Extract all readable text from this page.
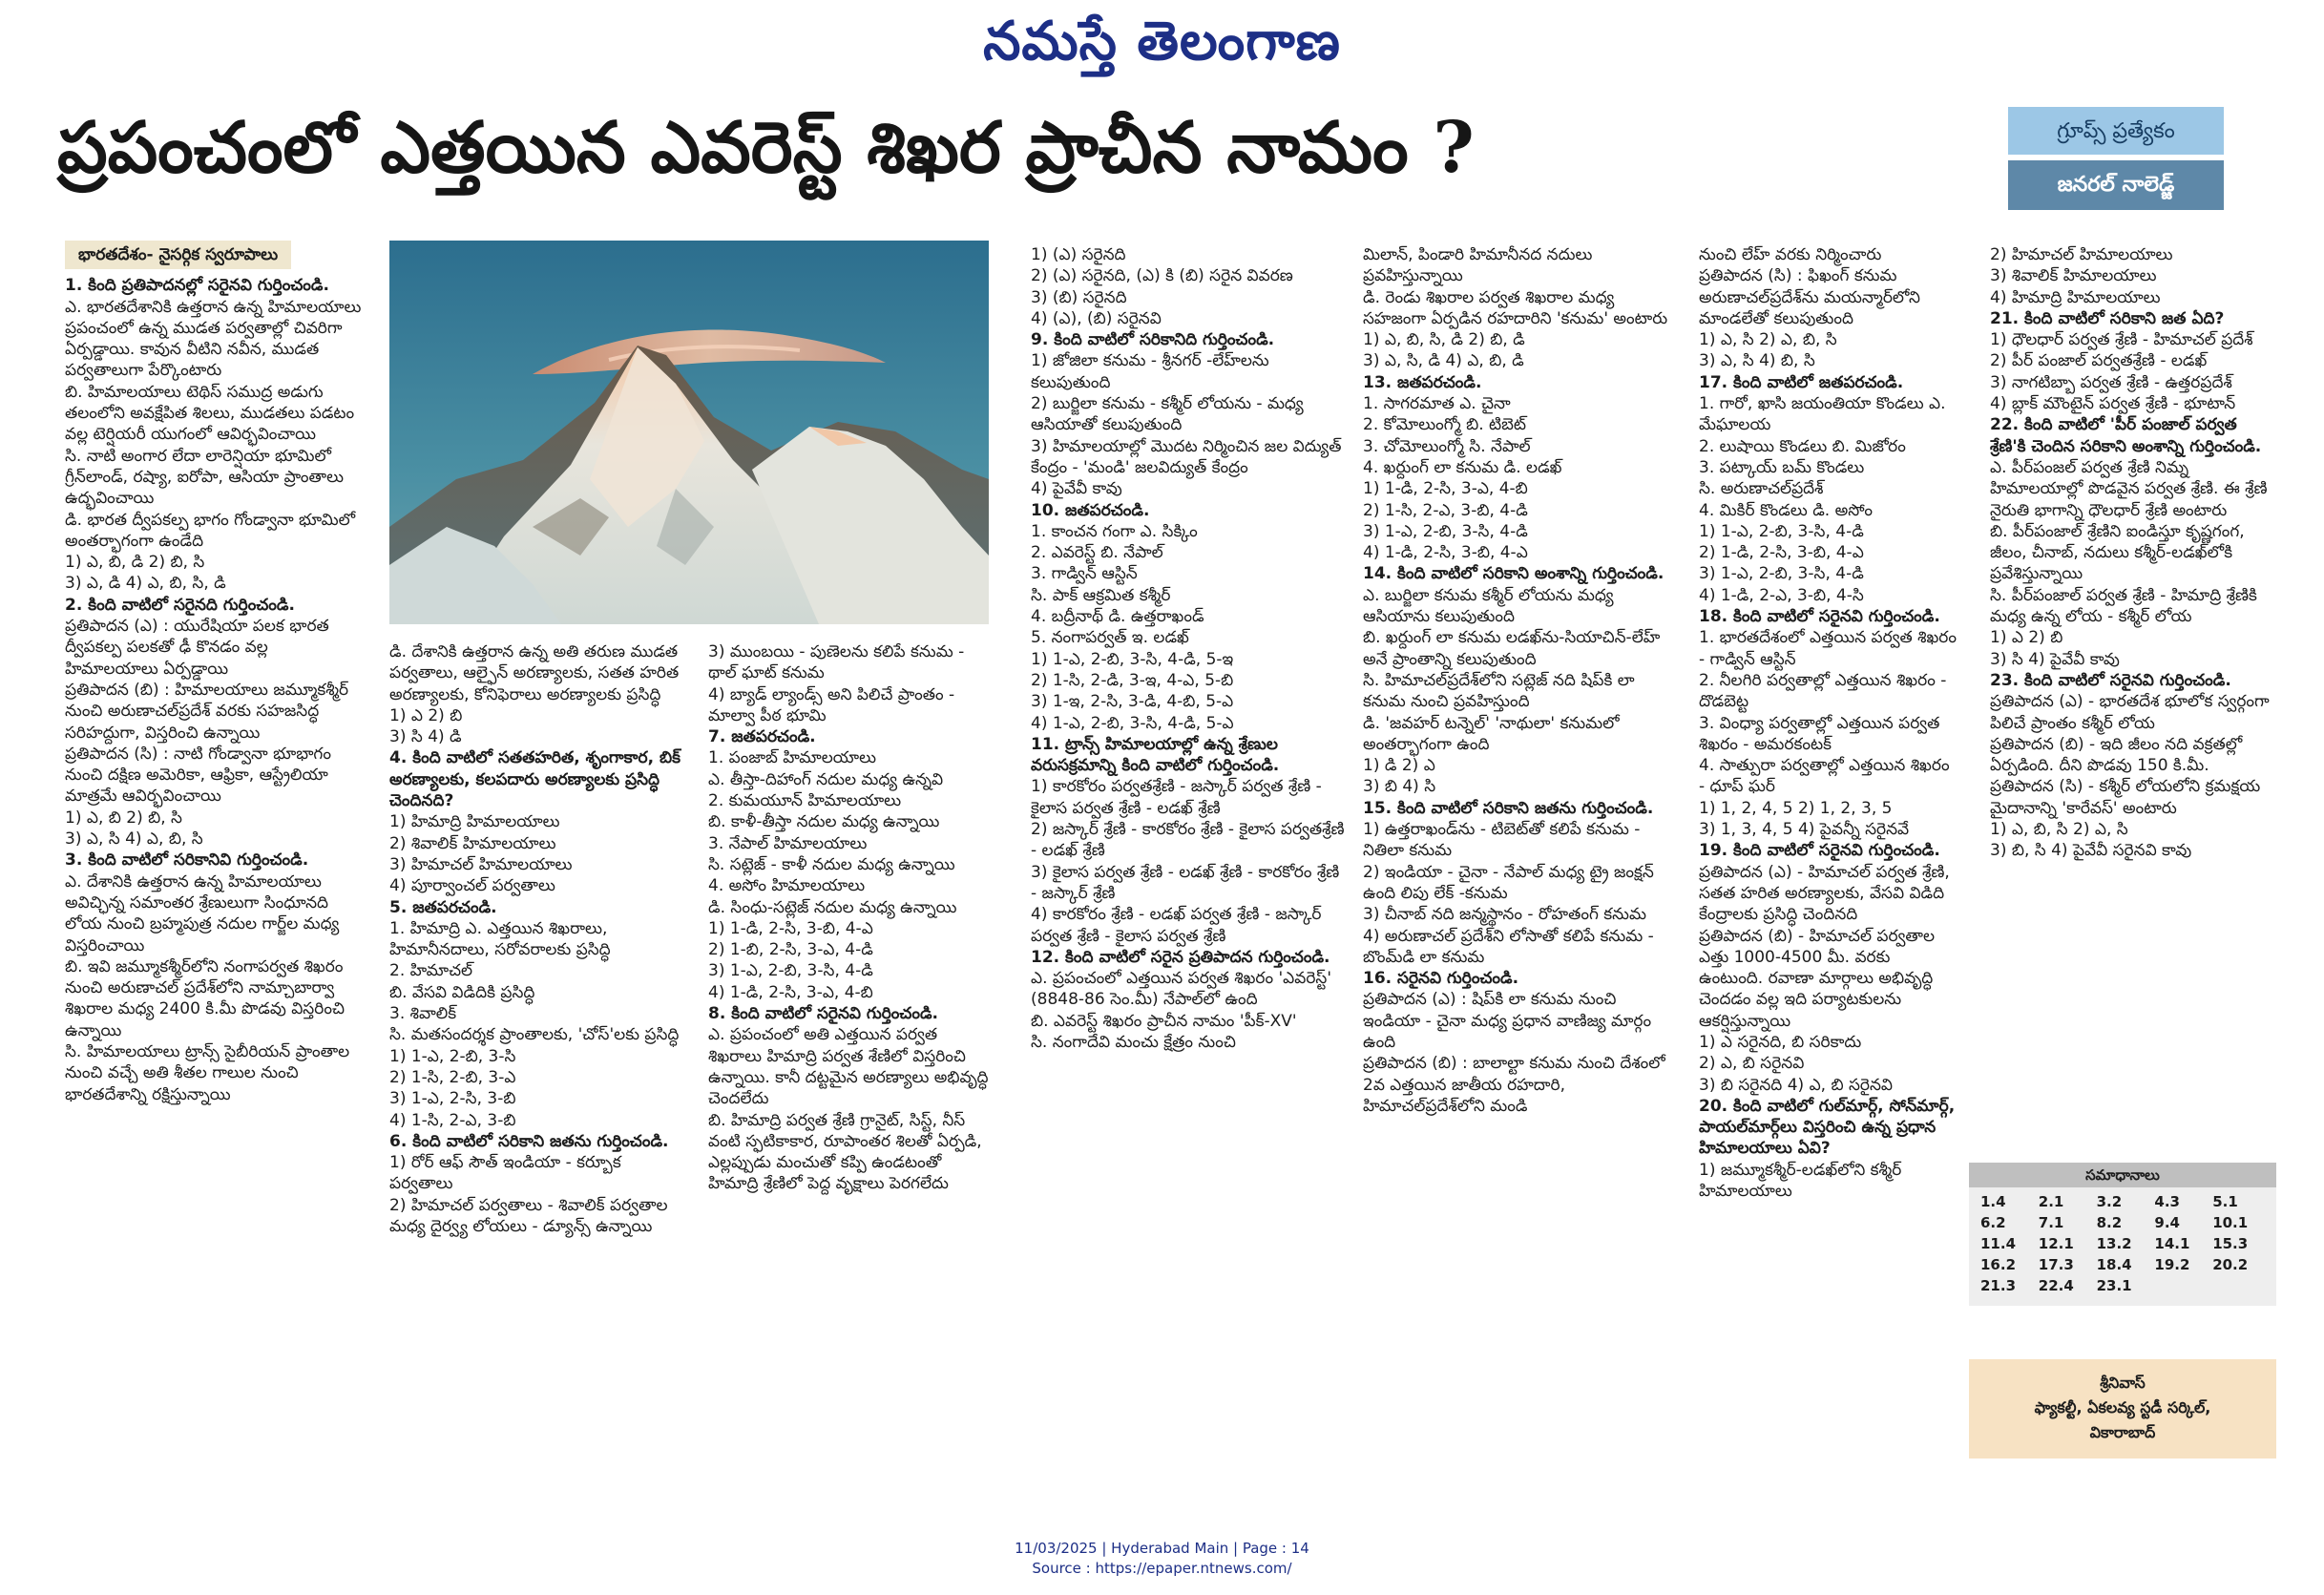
నమస్తే తెలంగాణ
ప్రపంచంలో ఎత్తయిన ఎవరెస్ట్ శిఖర ప్రాచీన నామం ?	గ్రూప్స్ ప్రత్యేకం
జనరల్ నాలెడ్జ్
భారతదేశం- నైసర్గిక స్వరూపాలు

1. కింది ప్రతిపాదనల్లో సరైనవి గుర్తించండి.

ఎ. భారతదేశానికి ఉత్తరాన ఉన్న హిమాలయాలు ప్రపంచంలో ఉన్న ముడత పర్వతాల్లో చివరిగా ఏర్పడ్డాయి. కావున వీటిని నవీన, ముడత పర్వతాలుగా పేర్కొంటారు

బి. హిమాలయాలు టెథిస్ సముద్ర అడుగు తలంలోని అవక్షేపిత శిలలు, ముడతలు పడటం వల్ల టెర్షియరీ యుగంలో ఆవిర్భవించాయి

సి. నాటి అంగార లేదా లారెన్షియా భూమిలో గ్రీన్‌లాండ్, రష్యా, ఐరోపా, ఆసియా ప్రాంతాలు ఉద్భవించాయి

డి. భారత ద్వీపకల్ప భాగం గోండ్వానా భూమిలో అంతర్భాగంగా ఉండేది

1) ఎ, బి, డి 2) బి, సి

3) ఎ, డి 4) ఎ, బి, సి, డి

2. కింది వాటిలో సరైనది గుర్తించండి.

ప్రతిపాదన (ఎ) : యురేషియా పలక భారత ద్వీపకల్ప పలకతో ఢీ కొనడం వల్ల హిమాలయాలు ఏర్పడ్డాయి

ప్రతిపాదన (బి) : హిమాలయాలు జమ్మూకశ్మీర్ నుంచి అరుణాచల్‌ప్రదేశ్ వరకు సహజసిద్ధ సరిహద్దుగా, విస్తరించి ఉన్నాయి

ప్రతిపాదన (సి) : నాటి గోండ్వానా భూభాగం నుంచి దక్షిణ అమెరికా, ఆఫ్రికా, ఆస్ట్రేలియా మాత్రమే ఆవిర్భవించాయి

1) ఎ, బి 2) బి, సి

3) ఎ, సి 4) ఎ, బి, సి

3. కింది వాటిలో సరికానివి గుర్తించండి.

ఎ. దేశానికి ఉత్తరాన ఉన్న హిమాలయాలు అవిచ్ఛిన్న సమాంతర శ్రేణులుగా సింధూనది లోయ నుంచి బ్రహ్మపుత్ర నదుల గార్జ్‌ల మధ్య విస్తరించాయి

బి. ఇవి జమ్మూకశ్మీర్‌లోని నంగాపర్వత శిఖరం నుంచి అరుణాచల్ ప్రదేశ్‌లోని నామ్చాబార్వా శిఖరాల మధ్య 2400 కి.మీ పొడవు విస్తరించి ఉన్నాయి

సి. హిమాలయాలు ట్రాన్స్ సైబీరియన్ ప్రాంతాల నుంచి వచ్చే అతి శీతల గాలుల నుంచి భారతదేశాన్ని రక్షిస్తున్నాయి

డి. దేశానికి ఉత్తరాన ఉన్న అతి తరుణ ముడత పర్వతాలు, ఆల్ఫైన్ అరణ్యాలకు, సతత హరిత అరణ్యాలకు, కోనిఫెరాలు అరణ్యాలకు ప్రసిద్ధి

1) ఎ 2) బి

3) సి 4) డి

4. కింది వాటిలో సతతహరిత, శృంగాకార, బిక్ అరణ్యాలకు, కలపదారు అరణ్యాలకు ప్రసిద్ధి చెందినది?

1) హిమాద్రి హిమాలయాలు

2) శివాలిక్ హిమాలయాలు

3) హిమాచల్ హిమాలయాలు

4) పూర్వాంచల్ పర్వతాలు

5. జతపరచండి.

1. హిమాద్రి ఎ. ఎత్తయిన శిఖరాలు, హిమానీనదాలు, సరోవరాలకు ప్రసిద్ధి

2. హిమాచల్

బి. వేసవి విడిదికి ప్రసిద్ధి

3. శివాలిక్

సి. మతసందర్శక ప్రాంతాలకు, 'చోస్'లకు ప్రసిద్ధి

1) 1-ఎ, 2-బి, 3-సి

2) 1-సి, 2-బి, 3-ఎ

3) 1-ఎ, 2-సి, 3-బి

4) 1-సి, 2-ఎ, 3-బి

6. కింది వాటిలో సరికాని జతను గుర్తించండి.

1) రోర్ ఆఫ్ సౌత్ ఇండియా - కర్బూక పర్వతాలు

2) హిమాచల్ పర్వతాలు - శివాలిక్ పర్వతాల మధ్య దైర్వ్య లోయలు - డ్యూన్స్ ఉన్నాయి

3) ముంబయి - పుణెలను కలిపే కనుమ - థాల్ ఘాట్ కనుమ

4) బ్యాడ్ ల్యాండ్స్ అని పిలిచే ప్రాంతం - మాల్వా పీఠ భూమి

7. జతపరచండి.

1. పంజాబ్ హిమాలయాలు

ఎ. తీస్తా-దిహాంగ్ నదుల మధ్య ఉన్నవి

2. కుమయూన్ హిమాలయాలు

బి. కాళీ-తీస్తా నదుల మధ్య ఉన్నాయి

3. నేపాల్ హిమాలయాలు

సి. సట్లెజ్ - కాళీ నదుల మధ్య ఉన్నాయి

4. అసోం హిమాలయాలు

డి. సింధు-సట్లెజ్ నదుల మధ్య ఉన్నాయి

1) 1-డి, 2-సి, 3-బి, 4-ఎ

2) 1-బి, 2-సి, 3-ఎ, 4-డి

3) 1-ఎ, 2-బి, 3-సి, 4-డి

4) 1-డి, 2-సి, 3-ఎ, 4-బి

8. కింది వాటిలో సరైనవి గుర్తించండి.

ఎ. ప్రపంచంలో అతి ఎత్తయిన పర్వత శిఖరాలు హిమాద్రి పర్వత శేణిలో విస్తరించి ఉన్నాయి. కానీ దట్టమైన అరణ్యాలు అభివృద్ధి చెందలేదు

బి. హిమాద్రి పర్వత శ్రేణి గ్రానైట్, సిస్ట్, నీస్ వంటి స్ఫటికాకార, రూపాంతర శిలతో ఏర్పడి, ఎల్లప్పుడు మంచుతో కప్పి ఉండటంతో హిమాద్రి శ్రేణిలో పెద్ద వృక్షాలు పెరగలేదు

1) (ఎ) సరైనది

2) (ఎ) సరైనది, (ఎ) కి (బి) సరైన వివరణ

3) (బి) సరైనది

4) (ఎ), (బి) సరైనవి

9. కింది వాటిలో సరికానిది గుర్తించండి.

1) జోజిలా కనుమ - శ్రీనగర్ -లేహ్‌లను కలుపుతుంది

2) బుర్జిలా కనుమ - కశ్మీర్ లోయను - మధ్య ఆసియాతో కలుపుతుంది

3) హిమాలయాల్లో మొదట నిర్మించిన జల విద్యుత్ కేంద్రం - 'మండి' జలవిద్యుత్ కేంద్రం

4) పైవేవీ కావు

10. జతపరచండి.

1. కాంచన గంగా ఎ. సిక్కిం

2. ఎవరెస్ట్ బి. నేపాల్

3. గాడ్విన్ ఆస్టిన్

సి. పాక్ ఆక్రమిత కశ్మీర్

4. బద్రీనాథ్ డి. ఉత్తరాఖండ్

5. నంగాపర్వత్ ఇ. లడఖ్

1) 1-ఎ, 2-బి, 3-సి, 4-డి, 5-ఇ

2) 1-సి, 2-డి, 3-ఇ, 4-ఎ, 5-బి

3) 1-ఇ, 2-సి, 3-డి, 4-బి, 5-ఎ

4) 1-ఎ, 2-బి, 3-సి, 4-డి, 5-ఎ

11. ట్రాన్స్ హిమాలయాల్లో ఉన్న శ్రేణుల వరుసక్రమాన్ని కింది వాటిలో గుర్తించండి.

1) కారకోరం పర్వతశ్రేణి - జస్కార్ పర్వత శ్రేణి - కైలాస పర్వత శ్రేణి - లడఖ్ శ్రేణి

2) జస్కార్ శ్రేణి - కారకోరం శ్రేణి - కైలాస పర్వతశ్రేణి - లడఖ్ శ్రేణి

3) కైలాస పర్వత శ్రేణి - లడఖ్ శ్రేణి - కారకోరం శ్రేణి - జస్కార్ శ్రేణి

4) కారకోరం శ్రేణి - లడఖ్ పర్వత శ్రేణి - జస్కార్ పర్వత శ్రేణి - కైలాస పర్వత శ్రేణి

12. కింది వాటిలో సరైన ప్రతిపాదన గుర్తించండి.

ఎ. ప్రపంచంలో ఎత్తయిన పర్వత శిఖరం 'ఎవరెస్ట్' (8848-86 సెం.మీ) నేపాల్‌లో ఉంది

బి. ఎవరెస్ట్ శిఖరం ప్రాచీన నామం 'పీక్-XV'

సి. నంగాదేవి మంచు క్షేత్రం నుంచి

మిలాన్, పిండారి హిమానీనద నదులు ప్రవహిస్తున్నాయి

డి. రెండు శిఖరాల పర్వత శిఖరాల మధ్య సహజంగా ఏర్పడిన రహదారిని 'కనుమ' అంటారు

1) ఎ, బి, సి, డి 2) బి, డి

3) ఎ, సి, డి 4) ఎ, బి, డి

13. జతపరచండి.

1. సాగరమాత ఎ. చైనా

2. కోమోలుంగ్మో బి. టిబెట్

3. చోమోలుంగ్మో సి. నేపాల్

4. ఖర్దుంగ్ లా కనుమ డి. లడఖ్

1) 1-డి, 2-సి, 3-ఎ, 4-బి

2) 1-సి, 2-ఎ, 3-బి, 4-డి

3) 1-ఎ, 2-బి, 3-సి, 4-డి

4) 1-డి, 2-సి, 3-బి, 4-ఎ

14. కింది వాటిలో సరికాని అంశాన్ని గుర్తించండి.

ఎ. బుర్జిలా కనుమ కశ్మీర్ లోయను మధ్య ఆసియాను కలుపుతుంది

బి. ఖర్దుంగ్ లా కనుమ లడఖ్‌ను-సియాచిన్-లేహ్ అనే ప్రాంతాన్ని కలుపుతుంది

సి. హిమాచల్‌ప్రదేశ్‌లోని సట్లెజ్ నది షిప్‌కి లా కనుమ నుంచి ప్రవహిస్తుంది

డి. 'జవహర్ టన్నెల్' 'నాథులా' కనుమలో అంతర్భాగంగా ఉంది

1) డి 2) ఎ

3) బి 4) సి

15. కింది వాటిలో సరికాని జతను గుర్తించండి.

1) ఉత్తరాఖండ్‌ను - టిబెట్‌తో కలిపే కనుమ - నితిలా కనుమ

2) ఇండియా - చైనా - నేపాల్ మధ్య ట్రై జంక్షన్ ఉంది లిపు లేక్ -కనుమ

3) చీనాబ్ నది జన్మస్థానం - రోహతంగ్ కనుమ

4) అరుణాచల్ ప్రదేశ్‌ని లోసాతో కలిపే కనుమ - బొంమ్‌డి లా కనుమ

16. సరైనవి గుర్తించండి.

ప్రతిపాదన (ఎ) : షిప్‌కి లా కనుమ నుంచి ఇండియా - చైనా మధ్య ప్రధాన వాణిజ్య మార్గం ఉంది

ప్రతిపాదన (బి) : బాలాల్టా కనుమ నుంచి దేశంలో 2వ ఎత్తయిన జాతీయ రహదారి, హిమాచల్‌ప్రదేశ్‌లోని మండి

నుంచి లేహ్ వరకు నిర్మించారు

ప్రతిపాదన (సి) : ఫిఖంగ్ కనుమ అరుణాచల్‌ప్రదేశ్‌ను మయన్మార్‌లోని మాండలేతో కలుపుతుంది

1) ఎ, సి 2) ఎ, బి, సి

3) ఎ, సి 4) బి, సి

17. కింది వాటిలో జతపరచండి.

1. గారో, ఖాసి జయంతియా కొండలు ఎ. మేఘాలయ

2. లుషాయి కొండలు బి. మిజోరం

3. పట్కాయ్ బమ్ కొండలు

సి. అరుణాచల్‌ప్రదేశ్

4. మికిర్ కొండలు డి. అసోం

1) 1-ఎ, 2-బి, 3-సి, 4-డి

2) 1-డి, 2-సి, 3-బి, 4-ఎ

3) 1-ఎ, 2-బి, 3-సి, 4-డి

4) 1-డి, 2-ఎ, 3-బి, 4-సి

18. కింది వాటిలో సరైనవి గుర్తించండి.

1. భారతదేశంలో ఎత్తయిన పర్వత శిఖరం - గాడ్విన్ ఆస్టిన్

2. నీలగిరి పర్వతాల్లో ఎత్తయిన శిఖరం - దొడబెట్ట

3. వింధ్యా పర్వతాల్లో ఎత్తయిన పర్వత శిఖరం - అమరకంటక్

4. సాత్పురా పర్వతాల్లో ఎత్తయిన శిఖరం - ధూప్ ఘర్

1) 1, 2, 4, 5 2) 1, 2, 3, 5

3) 1, 3, 4, 5 4) పైవన్నీ సరైనవే

19. కింది వాటిలో సరైనవి గుర్తించండి.

ప్రతిపాదన (ఎ) - హిమాచల్ పర్వత శ్రేణి, సతత హరిత అరణ్యాలకు, వేసవి విడిది కేంద్రాలకు ప్రసిద్ధి చెందినది

ప్రతిపాదన (బి) - హిమాచల్ పర్వతాల ఎత్తు 1000-4500 మీ. వరకు ఉంటుంది. రవాణా మార్గాలు అభివృద్ధి చెందడం వల్ల ఇది పర్యాటకులను ఆకర్షిస్తున్నాయి

1) ఎ సరైనది, బి సరికాదు

2) ఎ, బి సరైనవి

3) బి సరైనది 4) ఎ, బి సరైనవి

20. కింది వాటిలో గుల్‌మార్గ్, సోన్‌మార్గ్, పాయల్‌మార్గ్‌లు విస్తరించి ఉన్న ప్రధాన హిమాలయాలు ఏవి?

1) జమ్మూకశ్మీర్-లడఖ్‌లోని కశ్మీర్ హిమాలయాలు

2) హిమాచల్ హిమాలయాలు

3) శివాలిక్ హిమాలయాలు

4) హిమాద్రి హిమాలయాలు

21. కింది వాటిలో సరికాని జత ఏది?

1) ధౌలధార్ పర్వత శ్రేణి - హిమాచల్ ప్రదేశ్

2) పీర్ పంజాల్ పర్వతశ్రేణి - లడఖ్

3) నాగటిబ్బా పర్వత శ్రేణి - ఉత్తరప్రదేశ్

4) బ్లాక్ మౌంటైన్ పర్వత శ్రేణి - భూటాన్

22. కింది వాటిలో 'పీర్ పంజాల్ పర్వత శ్రేణి'కి చెందిన సరికాని అంశాన్ని గుర్తించండి.

ఎ. పీర్‌పంజల్ పర్వత శ్రేణి నిమ్న హిమాలయాల్లో పొడవైన పర్వత శ్రేణి. ఈ శ్రేణి నైరుతి భాగాన్ని ధౌలధార్ శ్రేణి అంటారు

బి. పీర్‌పంజాల్ శ్రేణిని ఐండిస్తూ కృష్ణగంగ, జీలం, చీనాబ్, నదులు కశ్మీర్-లడఖ్‌లోకి ప్రవేశిస్తున్నాయి

సి. పీర్‌పంజాల్ పర్వత శ్రేణి - హిమాద్రి శ్రేణికి మధ్య ఉన్న లోయ - కశ్మీర్ లోయ

1) ఎ 2) బి

3) సి 4) పైవేవీ కావు

23. కింది వాటిలో సరైనవి గుర్తించండి.

ప్రతిపాదన (ఎ) - భారతదేశ భూలోక స్వర్గంగా పిలిచే ప్రాంతం కశ్మీర్ లోయ

ప్రతిపాదన (బి) - ఇది జీలం నది వక్రతల్లో ఏర్పడింది. దీని పొడవు 150 కి.మీ.

ప్రతిపాదన (సి) - కశ్మీర్ లోయలోని క్రమక్షయ మైదానాన్ని 'కారేవస్' అంటారు

1) ఎ, బి, సి 2) ఎ, సి

3) బి, సి 4) పైవేవీ సరైనవి కావు

సమాధానాలు
1.4	2.1	3.2	4.3	5.1
6.2	7.1	8.2	9.4	10.1
11.4	12.1	13.2	14.1	15.3
16.2	17.3	18.4	19.2	20.2
21.3	22.4	23.1
శ్రీనివాస్
ఫ్యాకల్టీ, ఏకలవ్య స్టడీ సర్కిల్,
వికారాబాద్
11/03/2025 | Hyderabad Main | Page : 14
Source : https://epaper.ntnews.com/
